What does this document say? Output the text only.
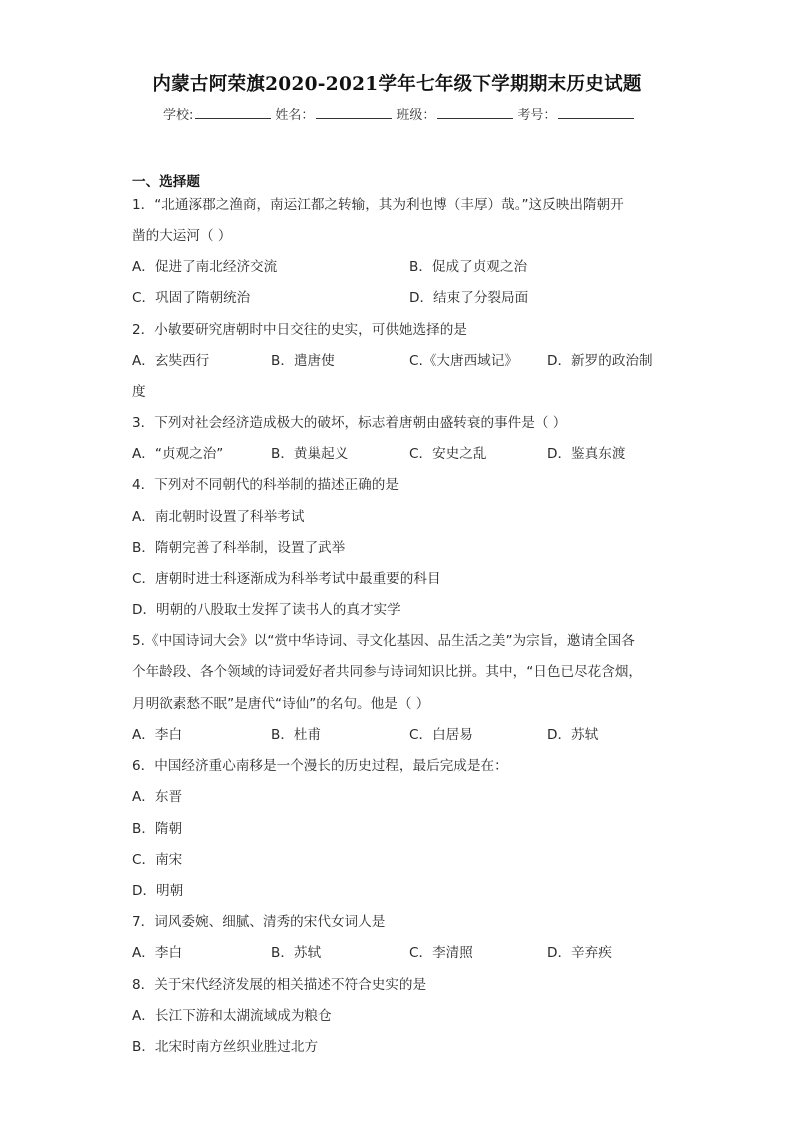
内蒙古阿荣旗2020-2021学年七年级下学期期末历史试题
学校:	姓名：	班级：	考号：
一、选择题
1．“北通涿郡之渔商，南运江都之转输，其为利也博（丰厚）哉。”这反映出隋朝开
凿的大运河（ ）
A．促进了南北经济交流	B．促成了贞观之治
C．巩固了隋朝统治	D．结束了分裂局面
2．小敏要研究唐朝时中日交往的史实，可供她选择的是
A．玄奘西行	B．遣唐使	C.《大唐西域记》 D．新罗的政治制
度
3．下列对社会经济造成极大的破坏，标志着唐朝由盛转衰的事件是（ ）
A．“贞观之治”	B．黄巢起义	C．安史之乱	D．鉴真东渡
4．下列对不同朝代的科举制的描述正确的是
A．南北朝时设置了科举考试
B．隋朝完善了科举制，设置了武举
C．唐朝时进士科逐渐成为科举考试中最重要的科目
D．明朝的八股取士发挥了读书人的真才实学
5.《中国诗词大会》以“赏中华诗词、寻文化基因、品生活之美”为宗旨，邀请全国各
个年龄段、各个领域的诗词爱好者共同参与诗词知识比拼。其中，“日色已尽花含烟，
月明欲素愁不眠”是唐代“诗仙”的名句。他是（ ）
A．李白	B．杜甫	C．白居易	D．苏轼
6．中国经济重心南移是一个漫长的历史过程，最后完成是在：
A．东晋
B．隋朝
C．南宋
D．明朝
7．词风委婉、细腻、清秀的宋代女词人是
A．李白	B．苏轼	C．李清照	D．辛弃疾
8．关于宋代经济发展的相关描述不符合史实的是
A．长江下游和太湖流域成为粮仓
B．北宋时南方丝织业胜过北方
